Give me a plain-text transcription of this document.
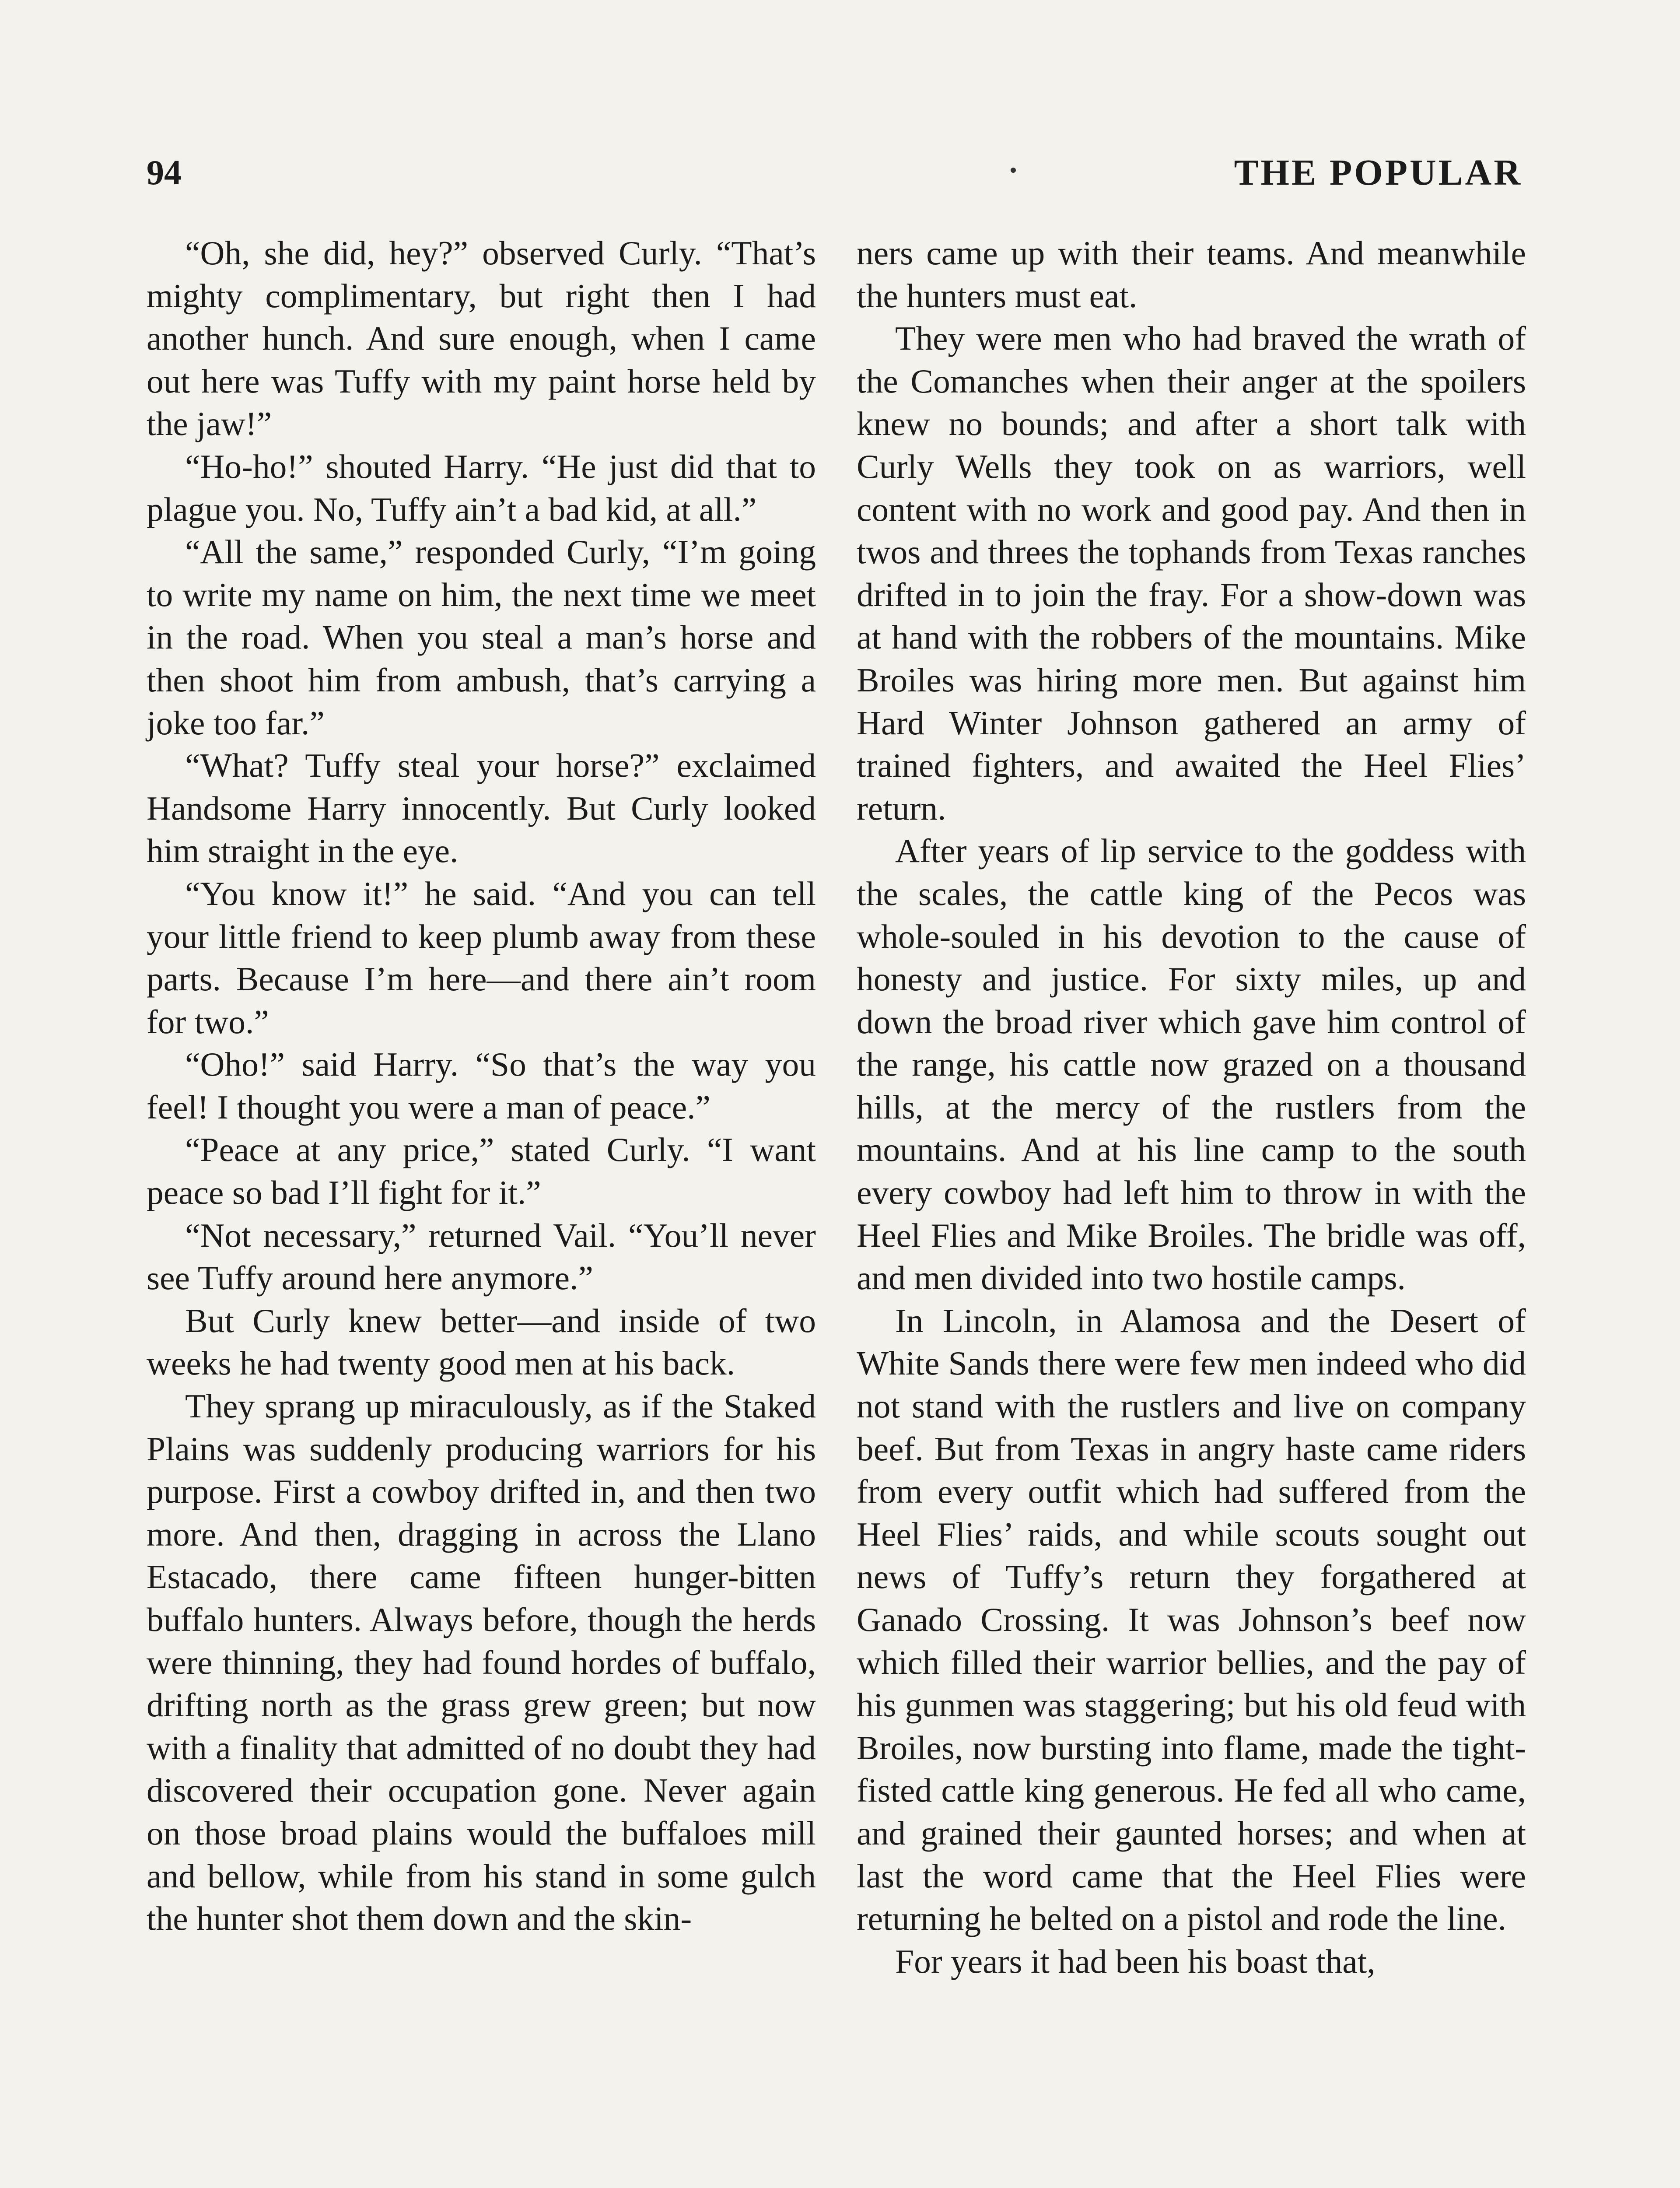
94	THE POPULAR

“Oh, she did, hey?” observed Curly. “That’s mighty complimentary, but right then I had another hunch. And sure enough, when I came out here was Tuffy with my paint horse held by the jaw!”

“Ho-ho!” shouted Harry. “He just did that to plague you. No, Tuffy ain’t a bad kid, at all.”

“All the same,” responded Curly, “I’m going to write my name on him, the next time we meet in the road. When you steal a man’s horse and then shoot him from ambush, that’s carrying a joke too far.”

“What? Tuffy steal your horse?” exclaimed Handsome Harry innocently. But Curly looked him straight in the eye.

“You know it!” he said. “And you can tell your little friend to keep plumb away from these parts. Because I’m here—and there ain’t room for two.”

“Oho!” said Harry. “So that’s the way you feel! I thought you were a man of peace.”

“Peace at any price,” stated Curly. “I want peace so bad I’ll fight for it.”

“Not necessary,” returned Vail. “You’ll never see Tuffy around here anymore.”

But Curly knew better—and inside of two weeks he had twenty good men at his back.

They sprang up miraculously, as if the Staked Plains was suddenly producing warriors for his purpose. First a cowboy drifted in, and then two more. And then, dragging in across the Llano Estacado, there came fifteen hunger-bitten buffalo hunters. Always before, though the herds were thinning, they had found hordes of buffalo, drifting north as the grass grew green; but now with a finality that admitted of no doubt they had discovered their occupation gone. Never again on those broad plains would the buffaloes mill and bellow, while from his stand in some gulch the hunter shot them down and the skin-

ners came up with their teams. And meanwhile the hunters must eat.

They were men who had braved the wrath of the Comanches when their anger at the spoilers knew no bounds; and after a short talk with Curly Wells they took on as warriors, well content with no work and good pay. And then in twos and threes the tophands from Texas ranches drifted in to join the fray. For a show-down was at hand with the robbers of the mountains. Mike Broiles was hiring more men. But against him Hard Winter Johnson gathered an army of trained fighters, and awaited the Heel Flies’ return.

After years of lip service to the goddess with the scales, the cattle king of the Pecos was whole-souled in his devotion to the cause of honesty and justice. For sixty miles, up and down the broad river which gave him control of the range, his cattle now grazed on a thousand hills, at the mercy of the rustlers from the mountains. And at his line camp to the south every cowboy had left him to throw in with the Heel Flies and Mike Broiles. The bridle was off, and men divided into two hostile camps.

In Lincoln, in Alamosa and the Desert of White Sands there were few men indeed who did not stand with the rustlers and live on company beef. But from Texas in angry haste came riders from every outfit which had suffered from the Heel Flies’ raids, and while scouts sought out news of Tuffy’s return they forgathered at Ganado Crossing. It was Johnson’s beef now which filled their warrior bellies, and the pay of his gunmen was staggering; but his old feud with Broiles, now bursting into flame, made the tight-fisted cattle king generous. He fed all who came, and grained their gaunted horses; and when at last the word came that the Heel Flies were returning he belted on a pistol and rode the line.

For years it had been his boast that,
